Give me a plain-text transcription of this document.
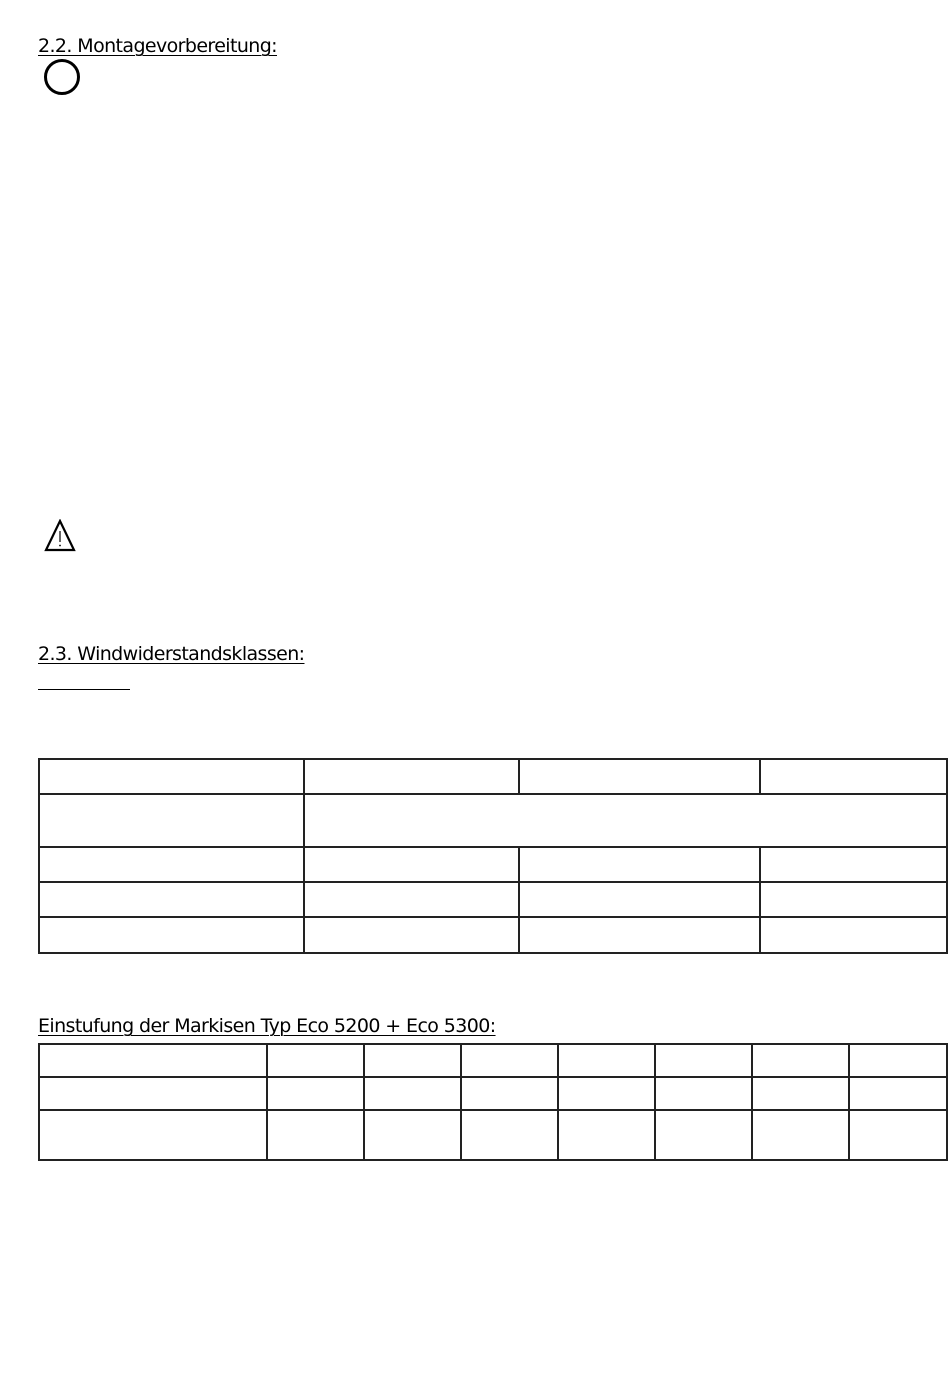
2.2. Montagevorbereitung:
2.3. Windwiderstandsklassen:

Einstufung der Markisen Typ Eco 5200 + Eco 5300:
